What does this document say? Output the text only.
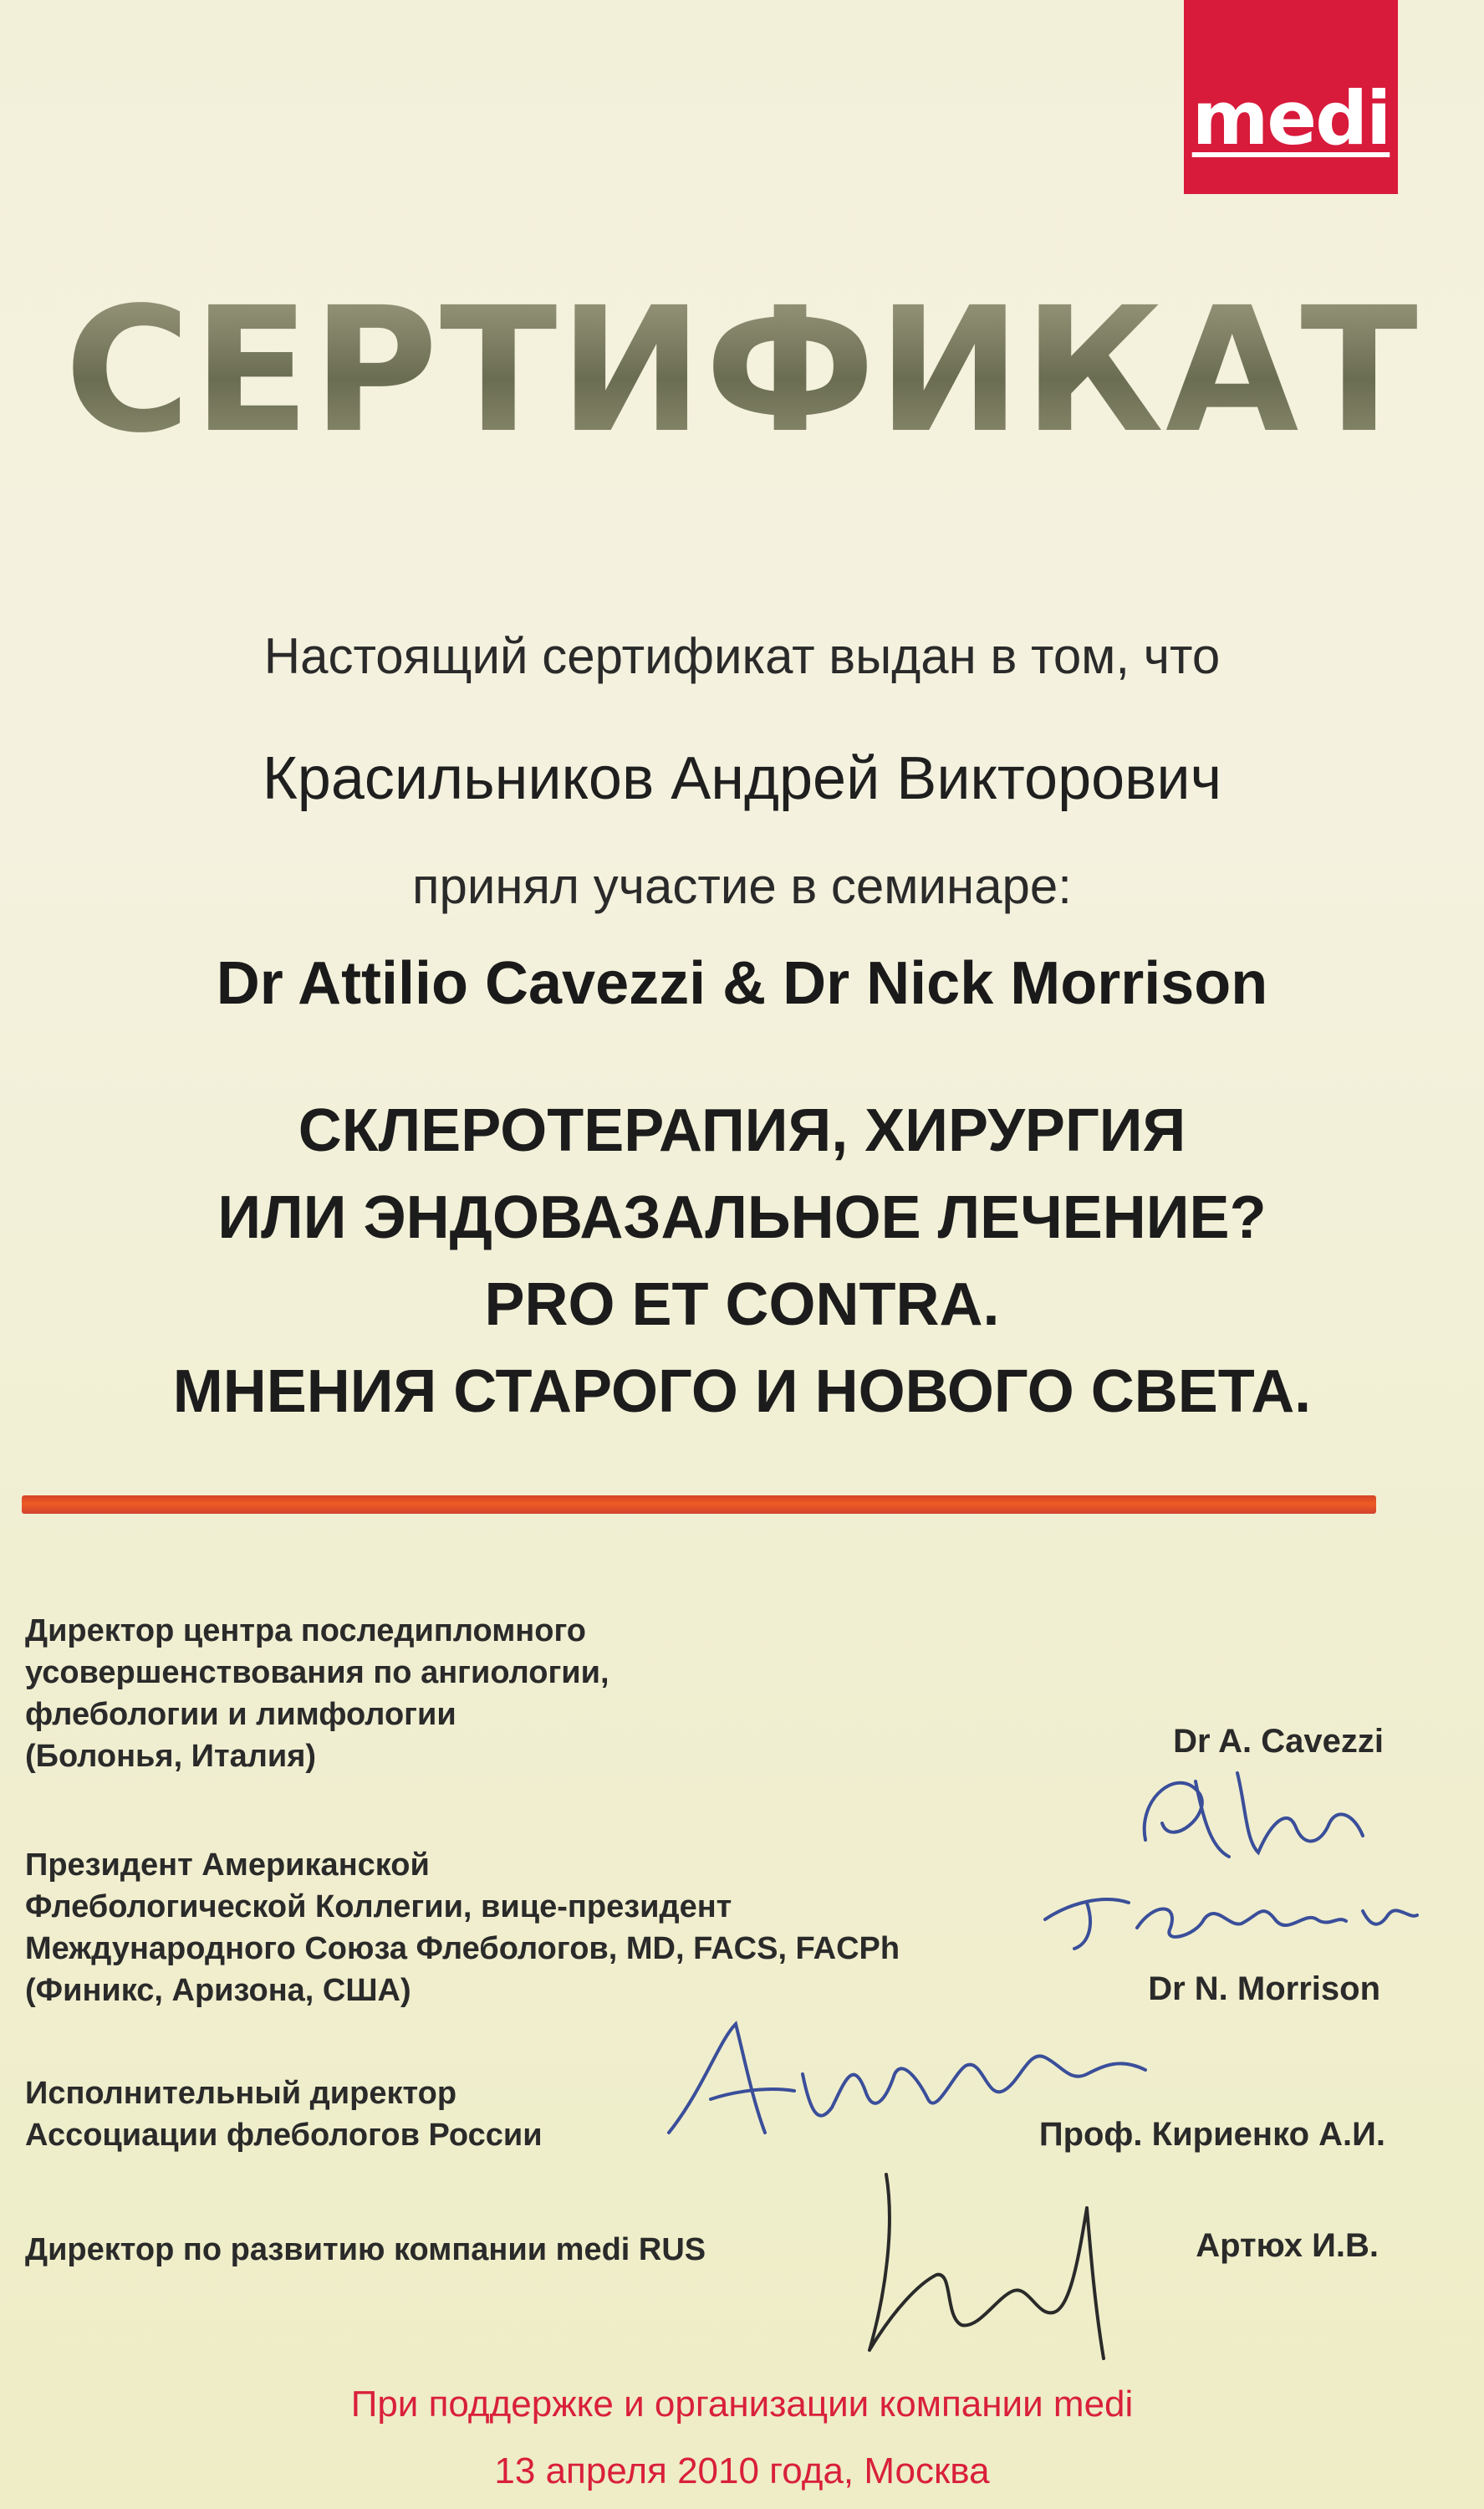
medi
СЕРТИФИКАТ
Настоящий сертификат выдан в том, что
Красильников Андрей Викторович
принял участие в семинаре:
Dr Attilio Cavezzi & Dr Nick Morrison
СКЛЕРОТЕРАПИЯ, ХИРУРГИЯ
ИЛИ ЭНДОВАЗАЛЬНОЕ ЛЕЧЕНИЕ?
PRO ET CONTRA.
МНЕНИЯ СТАРОГО И НОВОГО СВЕТА.
Директор центра последипломного
усовершенствования по ангиологии,
флебологии и лимфологии
(Болонья, Италия)	Dr A. Cavezzi
Президент Американской
Флебологической Коллегии, вице-президент
Международного Союза Флебологов, MD, FACS, FACPh
(Финикс, Аризона, США)	Dr N. Morrison
Исполнительный директор
Ассоциации флебологов России	Проф. Кириенко А.И.
Директор по развитию компании medi RUS	Артюх И.В.
При поддержке и организации компании medi
13 апреля 2010 года, Москва
